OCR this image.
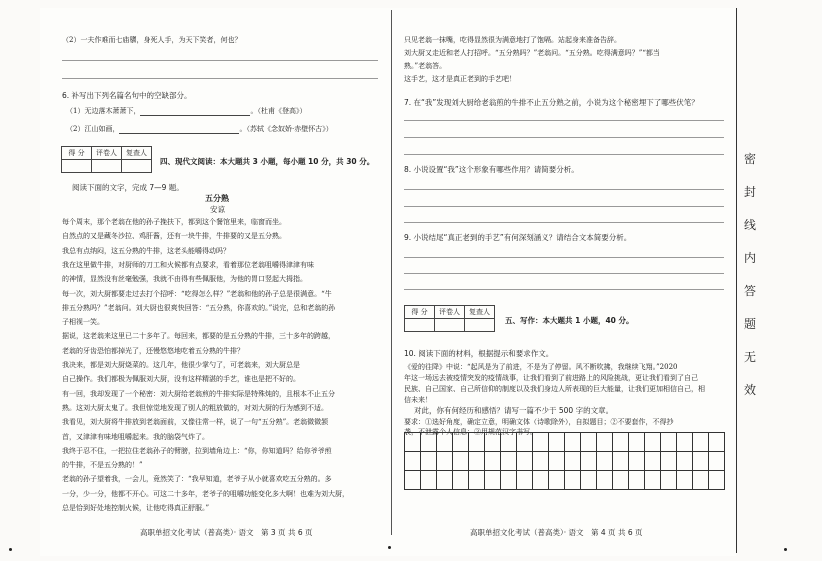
（2）一夫作难而七庙隳，身死人手，为天下笑者，何也？
6. 补写出下列名篇名句中的空缺部分。
（1）无边落木萧萧下，	。（杜甫《登高》）
（2）江山如画，	。（苏轼《念奴娇·赤壁怀古》）
得 分	评卷人	复查人

四、现代文阅读：本大题共 3 小题，每小题 10 分，共 30 分。
阅读下面的文字，完成 7—9 题。
五分熟
安谅
每个周末，那个老翁在他的孙子挽扶下，都到这个餐馆里来，临窗而坐。
自然点的又是藏冬沙拉、鸡肝酱，还有一块牛排，牛排要的又是五分熟。
我总有点纳闷，这五分熟的牛排，这老头能嚼得动吗？
我在这里做牛排，对厨师的刀工和火候都有点要求，看着那位老翁咀嚼得津津有味
的神情，显然没有丝毫勉强，我就不由得有些佩服他，为他的胃口竖起大拇指。
每一次，刘大厨都要走过去打个招呼：“吃得怎么样？”老翁和他的孙子总是很满意。“牛
排五分熟吗？”老翁问。刘大厨也很爽快回答：“五分熟，你喜欢的。”说完，总和老翁的孙
子相视一笑。
据说，这老翁来这里已二十多年了。每回来，都要的是五分熟的牛排，三十多年的跨越，
老翁的牙齿恐怕都掉光了，还慢悠悠地吃着五分熟的牛排？
我决来，都是刘大厨烧菜的。这几年，他很少掌勺了，可老翁来，刘大厨总是
自己操作。我们都极为佩服刘大厨，没有这样精湛的手艺，谁也是把不好的。
有一回，我却发现了一个秘密：刘大厨给老翁煎的牛排实际是特殊炖的，且根本不止五分
熟。这刘大厨太鬼了。我但惊觉地发现了别人的粗放做的，对刘大厨的行为感到不适。
我看见，刘大厨将牛排放到老翁面前，又像往常一样，说了一句“五分熟”。老翁微微颔
首，又津津有味地咀嚼起来。我的脑袋气炸了。
我终于忍不住，一把拉住老翁孙子的臂膀，拉到墙角边上：“你，你知道吗？给你爷爷煎
的牛排，不是五分熟的！”
老翁的孙子望着我，一会儿，竟然笑了：“我早知道，老爷子从小就喜欢吃五分熟的。多
一分，少一分，他都不开心。可这二十多年，老爷子的咀嚼功能变化多大啊！也难为刘大厨，
总是恰到好处地控制火候，让他吃得真正舒服。”
高职单招文化考试（普高类）· 语文　第 3 页 共 6 页
只见老翁一抹嘴，吃得显然很为满意地打了饱嗝。站起身来准备告辞。
刘大厨又走近和老人打招呼。“五分熟吗？”老翁问。“五分熟。吃得满意吗？”“都当
熟。”老翁答。
这手艺，这才是真正老到的手艺吧！
7. 在“我”发现刘大厨给老翁煎的牛排不止五分熟之前，小说为这个秘密埋下了哪些伏笔？
8. 小说设置“我”这个形象有哪些作用？请简要分析。
9. 小说结尾“真正老到的手艺”有何深刻涵义？请结合文本简要分析。
得 分	评卷人	复查人

五、写作：本大题共 1 小题，40 分。
10. 阅读下面的材料，根据提示和要求作文。
《爱的往降》中说：“起风是为了前进，不是为了停留。风不断吹拂，我继续飞翔。”2020
年这一场远去被疫情突发的疫情战事，让我们看到了前进路上的风险挑战，更让我们看到了自己
民族、自己国家、自己所信仰的制度以及我们身边人所表现的巨大能量，让我们更加相信自己，相
信未来！
对此，你有何经历和感悟？请写一篇不少于 500 字的文章。
要求：①选好角度，确定立意，明确文体（诗歌除外），自拟题目；②不要套作，不得抄
袭，不泄露个人信息；③用规范汉字书写。
高职单招文化考试（普高类）· 语文　第 4 页 共 6 页
密
封
线
内
答
题
无
效
